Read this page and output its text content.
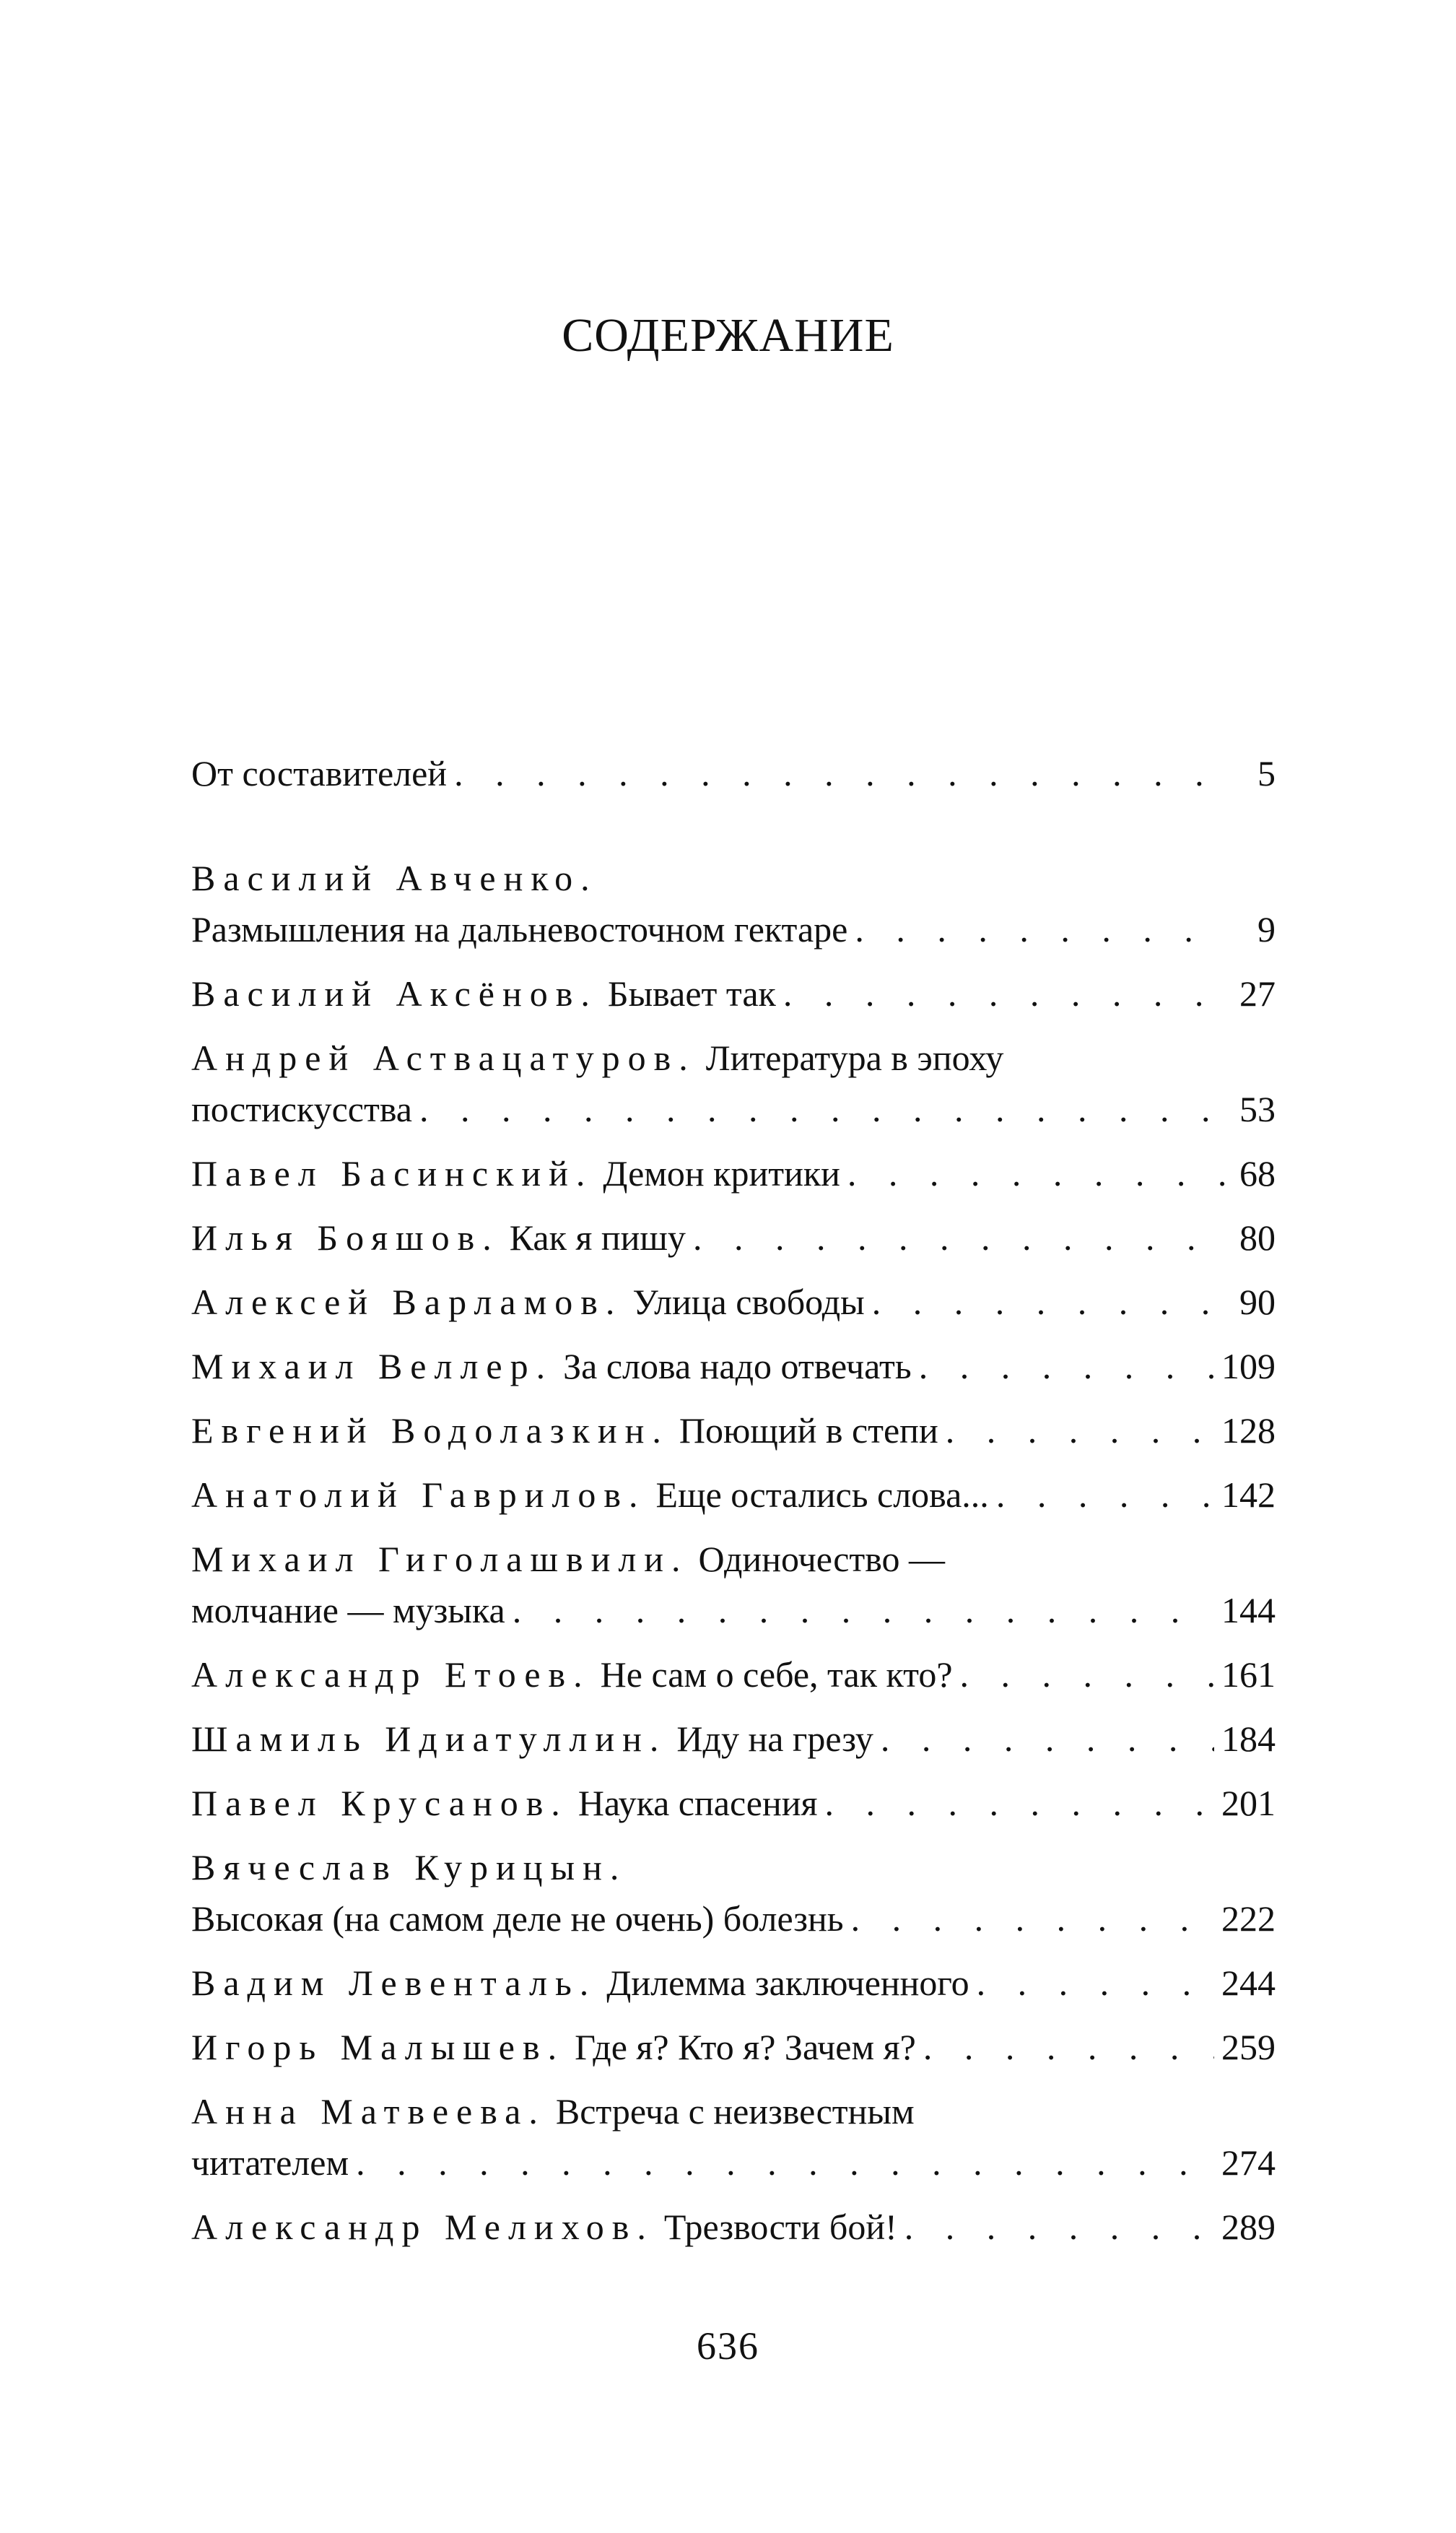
СОДЕРЖАНИЕ
От составителей . . .	5
Василий Авченко.
Размышления на дальневосточном гектаре . . .	9
Василий Аксёнов. Бывает так . . .	27
Андрей Аствацатуров. Литература в эпоху
постискусства . . .	53
Павел Басинский. Демон критики . . .	68
Илья Бояшов. Как я пишу . . .	80
Алексей Варламов. Улица свободы . . .	90
Михаил Веллер. За слова надо отвечать . . .	109
Евгений Водолазкин. Поющий в степи . . .	128
Анатолий Гаврилов. Еще остались слова... . . .	142
Михаил Гиголашвили. Одиночество —
молчание — музыка . . .	144
Александр Етоев. Не сам о себе, так кто? . . .	161
Шамиль Идиатуллин. Иду на грезу . . .	184
Павел Крусанов. Наука спасения . . .	201
Вячеслав Курицын.
Высокая (на самом деле не очень) болезнь . . .	222
Вадим Левенталь. Дилемма заключенного . . .	244
Игорь Малышев. Где я? Кто я? Зачем я? . . .	259
Анна Матвеева. Встреча с неизвестным
читателем . . .	274
Александр Мелихов. Трезвости бой! . . .	289
636
